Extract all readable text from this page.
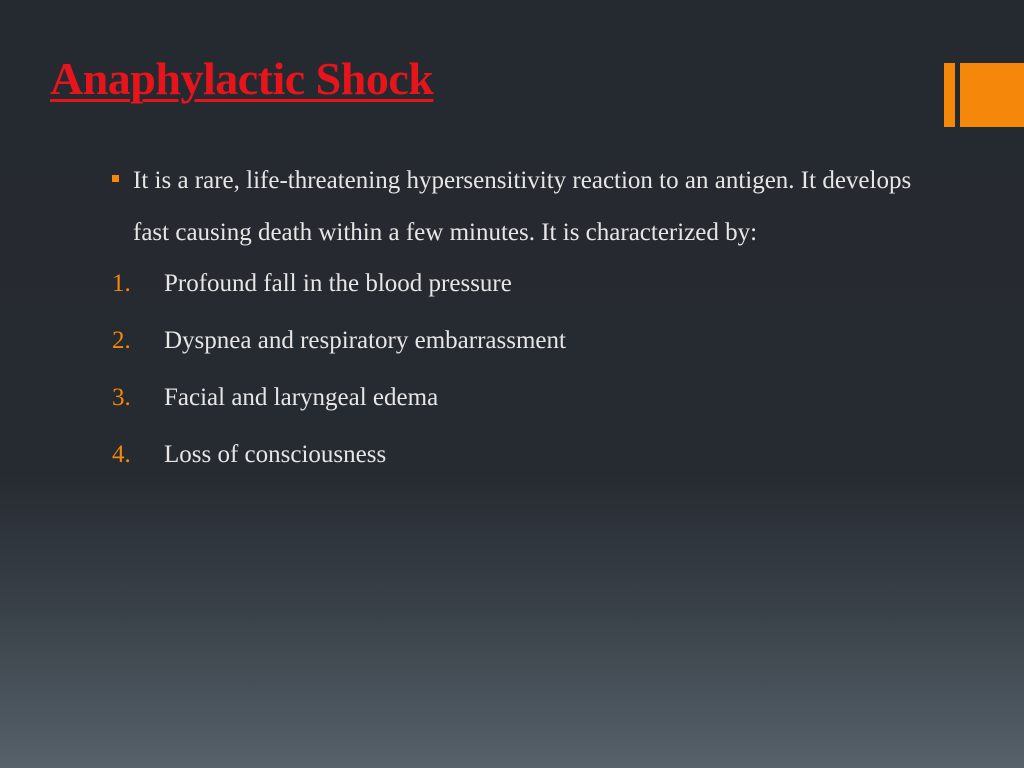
Anaphylactic Shock

It is a rare, life-threatening hypersensitivity reaction to an antigen. It develops fast causing death within a few minutes. It is characterized by:

1. Profound fall in the blood pressure
2. Dyspnea and respiratory embarrassment
3. Facial and laryngeal edema
4. Loss of consciousness
